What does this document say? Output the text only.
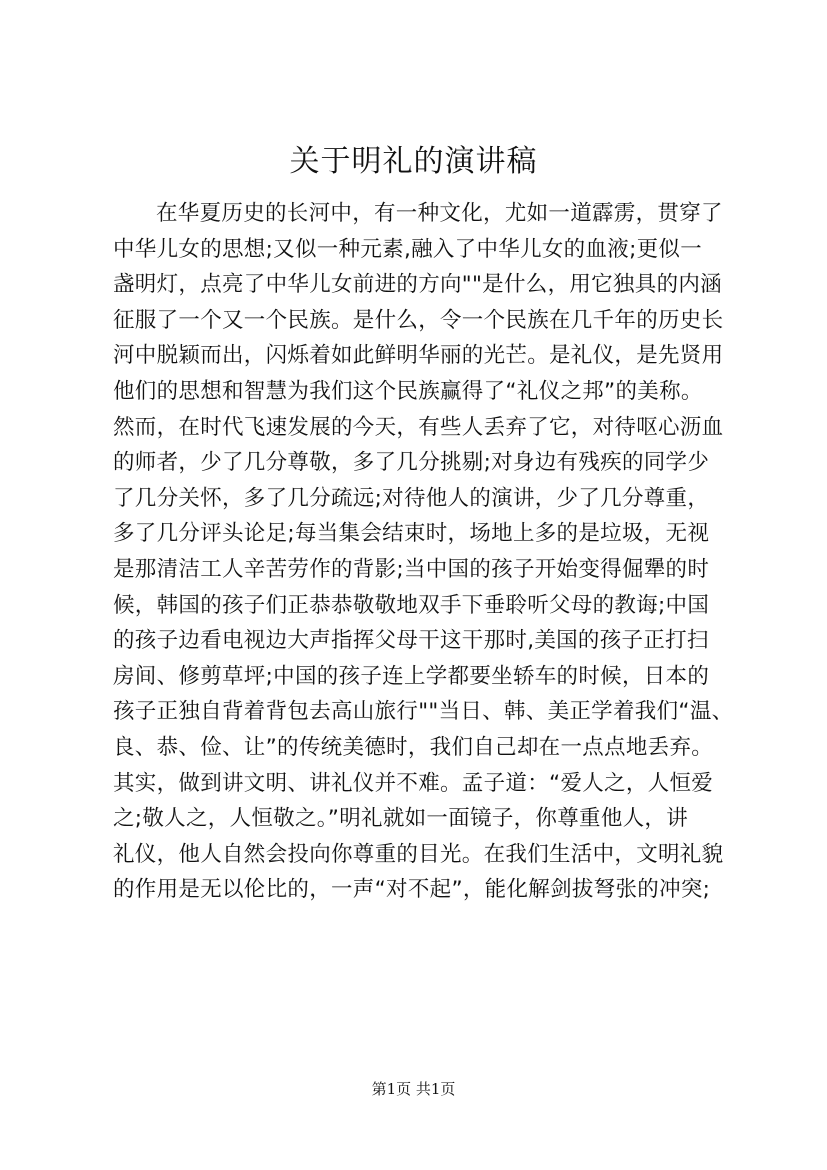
关于明礼的演讲稿
在华夏历史的长河中，有一种文化，尤如一道霹雳，贯穿了
中华儿女的思想;又似一种元素,融入了中华儿女的血液;更似一
盏明灯，点亮了中华儿女前进的方向""是什么，用它独具的内涵
征服了一个又一个民族。是什么，令一个民族在几千年的历史长
河中脱颖而出，闪烁着如此鲜明华丽的光芒。是礼仪，是先贤用
他们的思想和智慧为我们这个民族赢得了“礼仪之邦”的美称。
然而，在时代飞速发展的今天，有些人丢弃了它，对待呕心沥血
的师者，少了几分尊敬，多了几分挑剔;对身边有残疾的同学少
了几分关怀，多了几分疏远;对待他人的演讲，少了几分尊重，
多了几分评头论足;每当集会结束时，场地上多的是垃圾，无视
是那清洁工人辛苦劳作的背影;当中国的孩子开始变得倔犟的时
候，韩国的孩子们正恭恭敬敬地双手下垂聆听父母的教诲;中国
的孩子边看电视边大声指挥父母干这干那时,美国的孩子正打扫
房间、修剪草坪;中国的孩子连上学都要坐轿车的时候，日本的
孩子正独自背着背包去高山旅行""当日、韩、美正学着我们“温、
良、恭、俭、让”的传统美德时，我们自己却在一点点地丢弃。
其实，做到讲文明、讲礼仪并不难。孟子道：“爱人之，人恒爱
之;敬人之，人恒敬之。”明礼就如一面镜子，你尊重他人，讲
礼仪，他人自然会投向你尊重的目光。在我们生活中，文明礼貌
的作用是无以伦比的，一声“对不起”，能化解剑拔弩张的冲突;
第1页 共1页
